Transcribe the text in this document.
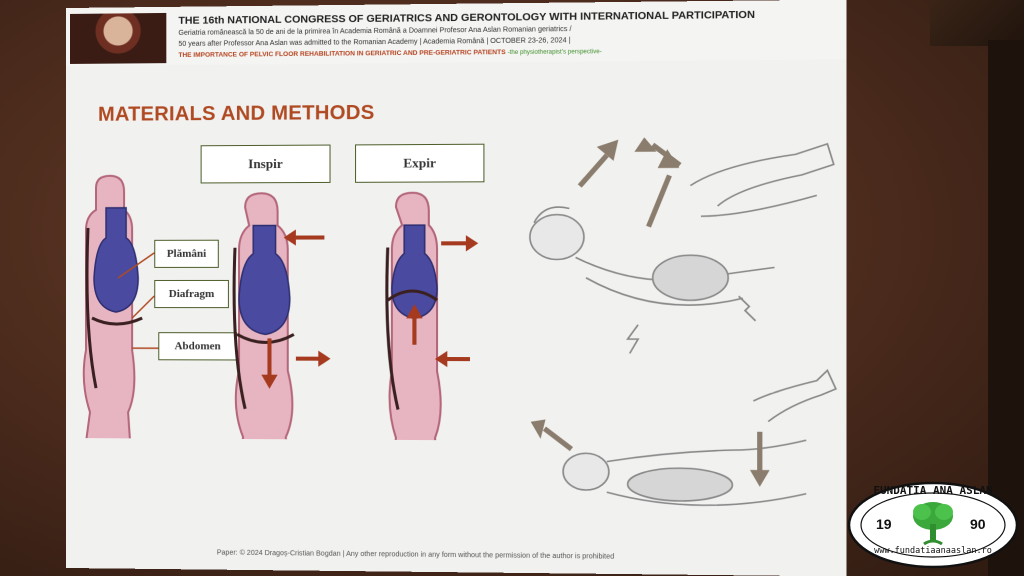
THE 16th NATIONAL CONGRESS OF GERIATRICS AND GERONTOLOGY WITH INTERNATIONAL PARTICIPATION
Geriatria românească la 50 de ani de la primirea în Academia Română a Doamnei Profesor Ana Aslan Romanian geriatrics /
50 years after Professor Ana Aslan was admitted to the Romanian Academy | Academia Română | OCTOBER 23-26, 2024 |
THE IMPORTANCE OF PELVIC FLOOR REHABILITATION IN GERIATRIC AND PRE-GERIATRIC PATIENTS -the physiotherapist's perspective-
MATERIALS AND METHODS
Inspir	Expir
Plămâni
Diafragm
Abdomen
Paper: © 2024 Dragoș-Cristian Bogdan | Any other reproduction in any form without the permission of the author is prohibited
FUNDATIA ANA ASLAN
19	90
www.fundatiaanaaslan.ro
